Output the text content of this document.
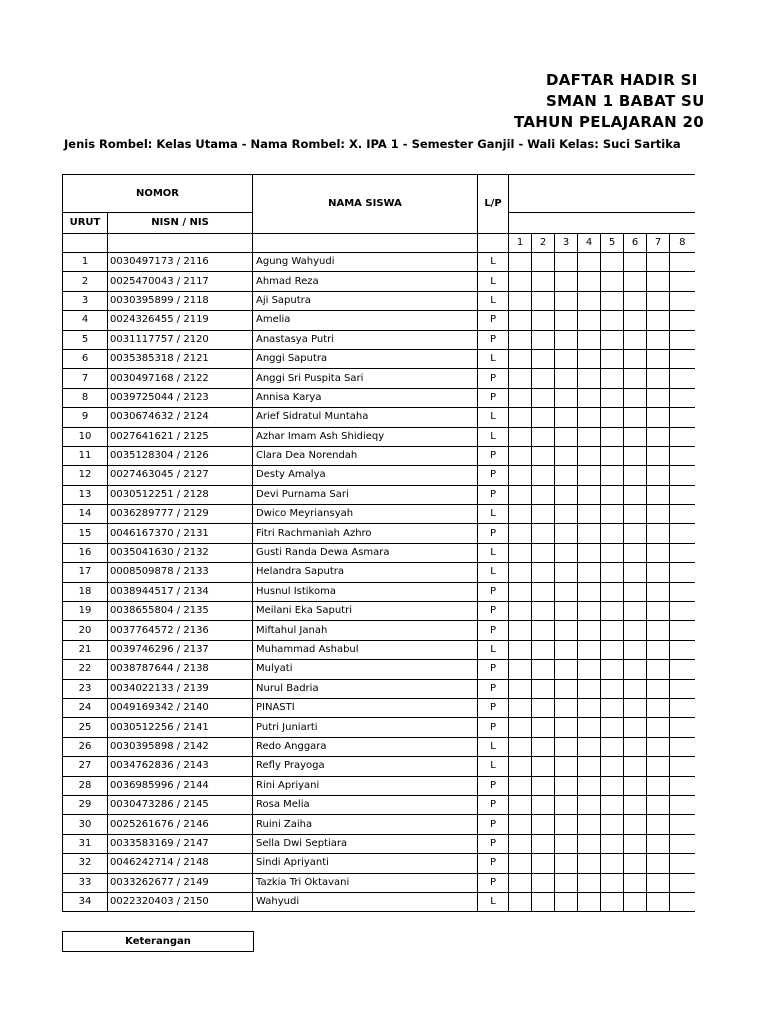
DAFTAR HADIR SI
SMAN 1 BABAT SU
TAHUN PELAJARAN 20
Jenis Rombel: Kelas Utama - Nama Rombel: X. IPA 1 - Semester Ganjil - Wali Kelas: Suci Sartika
NOMOR		NAMA SISWA	L/P								
URUT	NISN / NIS										
				1	2	3	4	5	6	7	8
1	0030497173 / 2116	Agung Wahyudi	L								
2	0025470043 / 2117	Ahmad Reza	L								
3	0030395899 / 2118	Aji Saputra	L								
4	0024326455 / 2119	Amelia	P								
5	0031117757 / 2120	Anastasya Putri	P								
6	0035385318 / 2121	Anggi Saputra	L								
7	0030497168 / 2122	Anggi Sri Puspita Sari	P								
8	0039725044 / 2123	Annisa Karya	P								
9	0030674632 / 2124	Arief Sidratul Muntaha	L								
10	0027641621 / 2125	Azhar Imam Ash Shidieqy	L								
11	0035128304 / 2126	Clara Dea Norendah	P								
12	0027463045 / 2127	Desty Amalya	P								
13	0030512251 / 2128	Devi Purnama Sari	P								
14	0036289777 / 2129	Dwico Meyriansyah	L								
15	0046167370 / 2131	Fitri Rachmaniah Azhro	P								
16	0035041630 / 2132	Gusti Randa Dewa Asmara	L								
17	0008509878 / 2133	Helandra Saputra	L								
18	0038944517 / 2134	Husnul Istikoma	P								
19	0038655804 / 2135	Meilani Eka Saputri	P								
20	0037764572 / 2136	Miftahul Janah	P								
21	0039746296 / 2137	Muhammad Ashabul	L								
22	0038787644 / 2138	Mulyati	P								
23	0034022133 / 2139	Nurul Badria	P								
24	0049169342 / 2140	PINASTI	P								
25	0030512256 / 2141	Putri Juniarti	P								
26	0030395898 / 2142	Redo Anggara	L								
27	0034762836 / 2143	Refly Prayoga	L								
28	0036985996 / 2144	Rini Apriyani	P								
29	0030473286 / 2145	Rosa Melia	P								
30	0025261676 / 2146	Ruini Zaiha	P								
31	0033583169 / 2147	Sella Dwi Septiara	P								
32	0046242714 / 2148	Sindi Apriyanti	P								
33	0033262677 / 2149	Tazkia Tri Oktavani	P								
34	0022320403 / 2150	Wahyudi	L								
Keterangan
